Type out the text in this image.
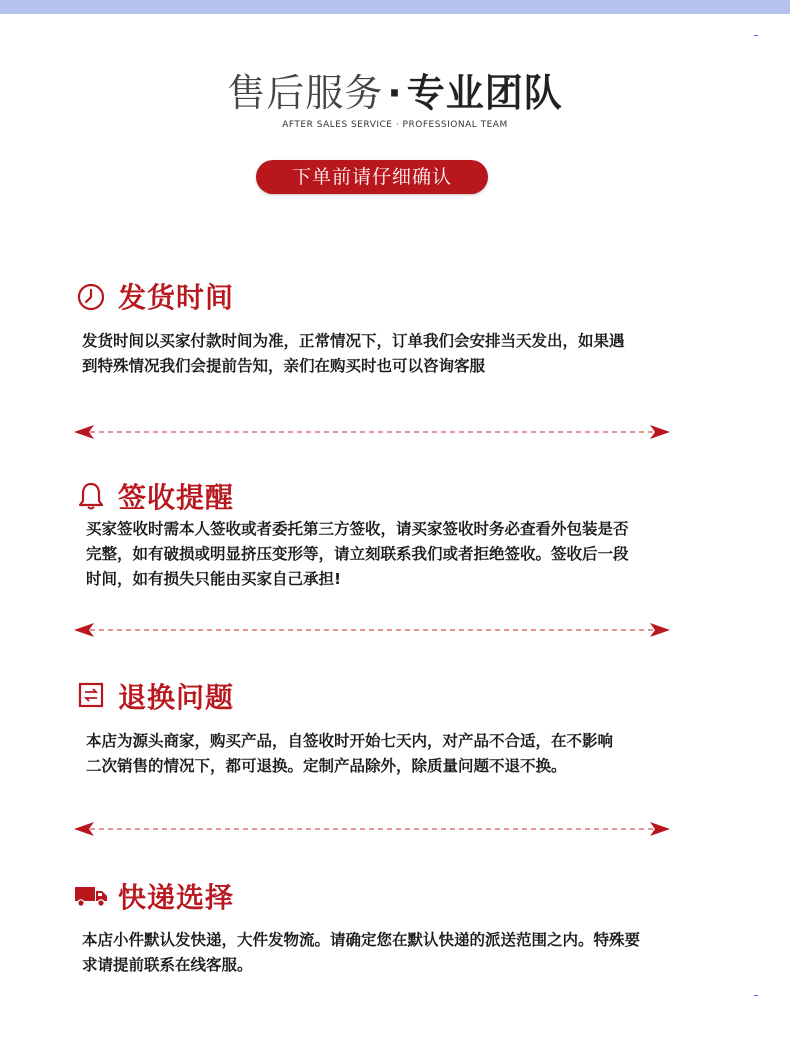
售后服务 · 专业团队
AFTER SALES SERVICE · PROFESSIONAL TEAM
下单前请仔细确认
发货时间
发货时间以买家付款时间为准，正常情况下，订单我们会安排当天发出，如果遇
到特殊情况我们会提前告知，亲们在购买时也可以咨询客服
签收提醒
买家签收时需本人签收或者委托第三方签收，请买家签收时务必查看外包装是否
完整，如有破损或明显挤压变形等，请立刻联系我们或者拒绝签收。签收后一段
时间，如有损失只能由买家自己承担!
退换问题
本店为源头商家，购买产品，自签收时开始七天内，对产品不合适，在不影响
二次销售的情况下，都可退换。定制产品除外，除质量问题不退不换。
快递选择
本店小件默认发快递，大件发物流。请确定您在默认快递的派送范围之内。特殊要
求请提前联系在线客服。
